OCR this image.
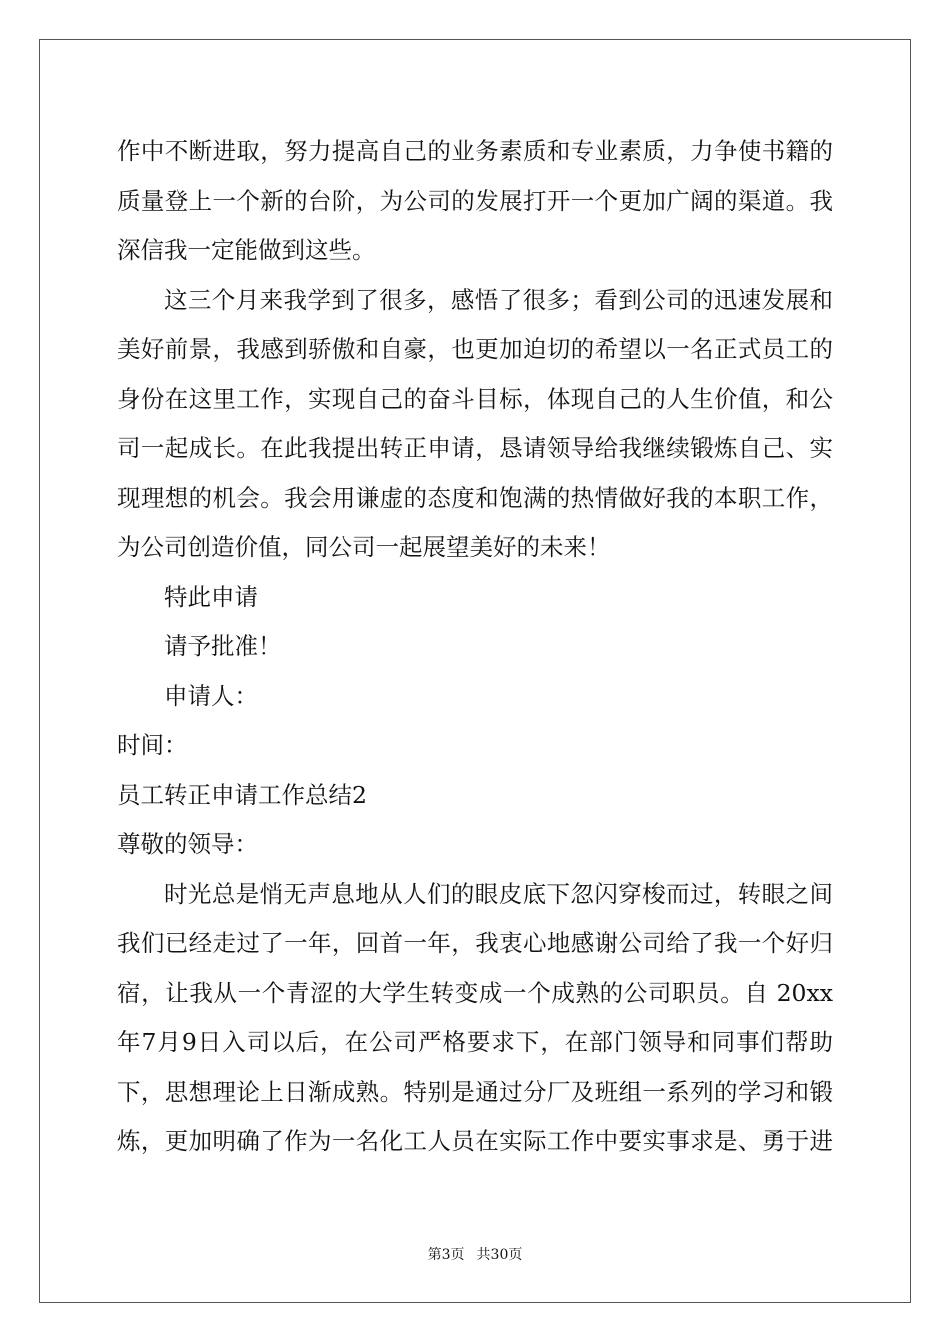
作中不断进取，努力提高自己的业务素质和专业素质，力争使书籍的
质量登上一个新的台阶，为公司的发展打开一个更加广阔的渠道。我
深信我一定能做到这些。
这三个月来我学到了很多，感悟了很多；看到公司的迅速发展和
美好前景，我感到骄傲和自豪，也更加迫切的希望以一名正式员工的
身份在这里工作，实现自己的奋斗目标，体现自己的人生价值，和公
司一起成长。在此我提出转正申请，恳请领导给我继续锻炼自己、实
现理想的机会。我会用谦虚的态度和饱满的热情做好我的本职工作，
为公司创造价值，同公司一起展望美好的未来！
特此申请
请予批准！
申请人：
时间：
员工转正申请工作总结2
尊敬的领导：
时光总是悄无声息地从人们的眼皮底下忽闪穿梭而过，转眼之间
我们已经走过了一年，回首一年，我衷心地感谢公司给了我一个好归
宿，让我从一个青涩的大学生转变成一个成熟的公司职员。自 20xx
年7月9日入司以后，在公司严格要求下，在部门领导和同事们帮助
下，思想理论上日渐成熟。特别是通过分厂及班组一系列的学习和锻
炼，更加明确了作为一名化工人员在实际工作中要实事求是、勇于进
第3页 共30页
